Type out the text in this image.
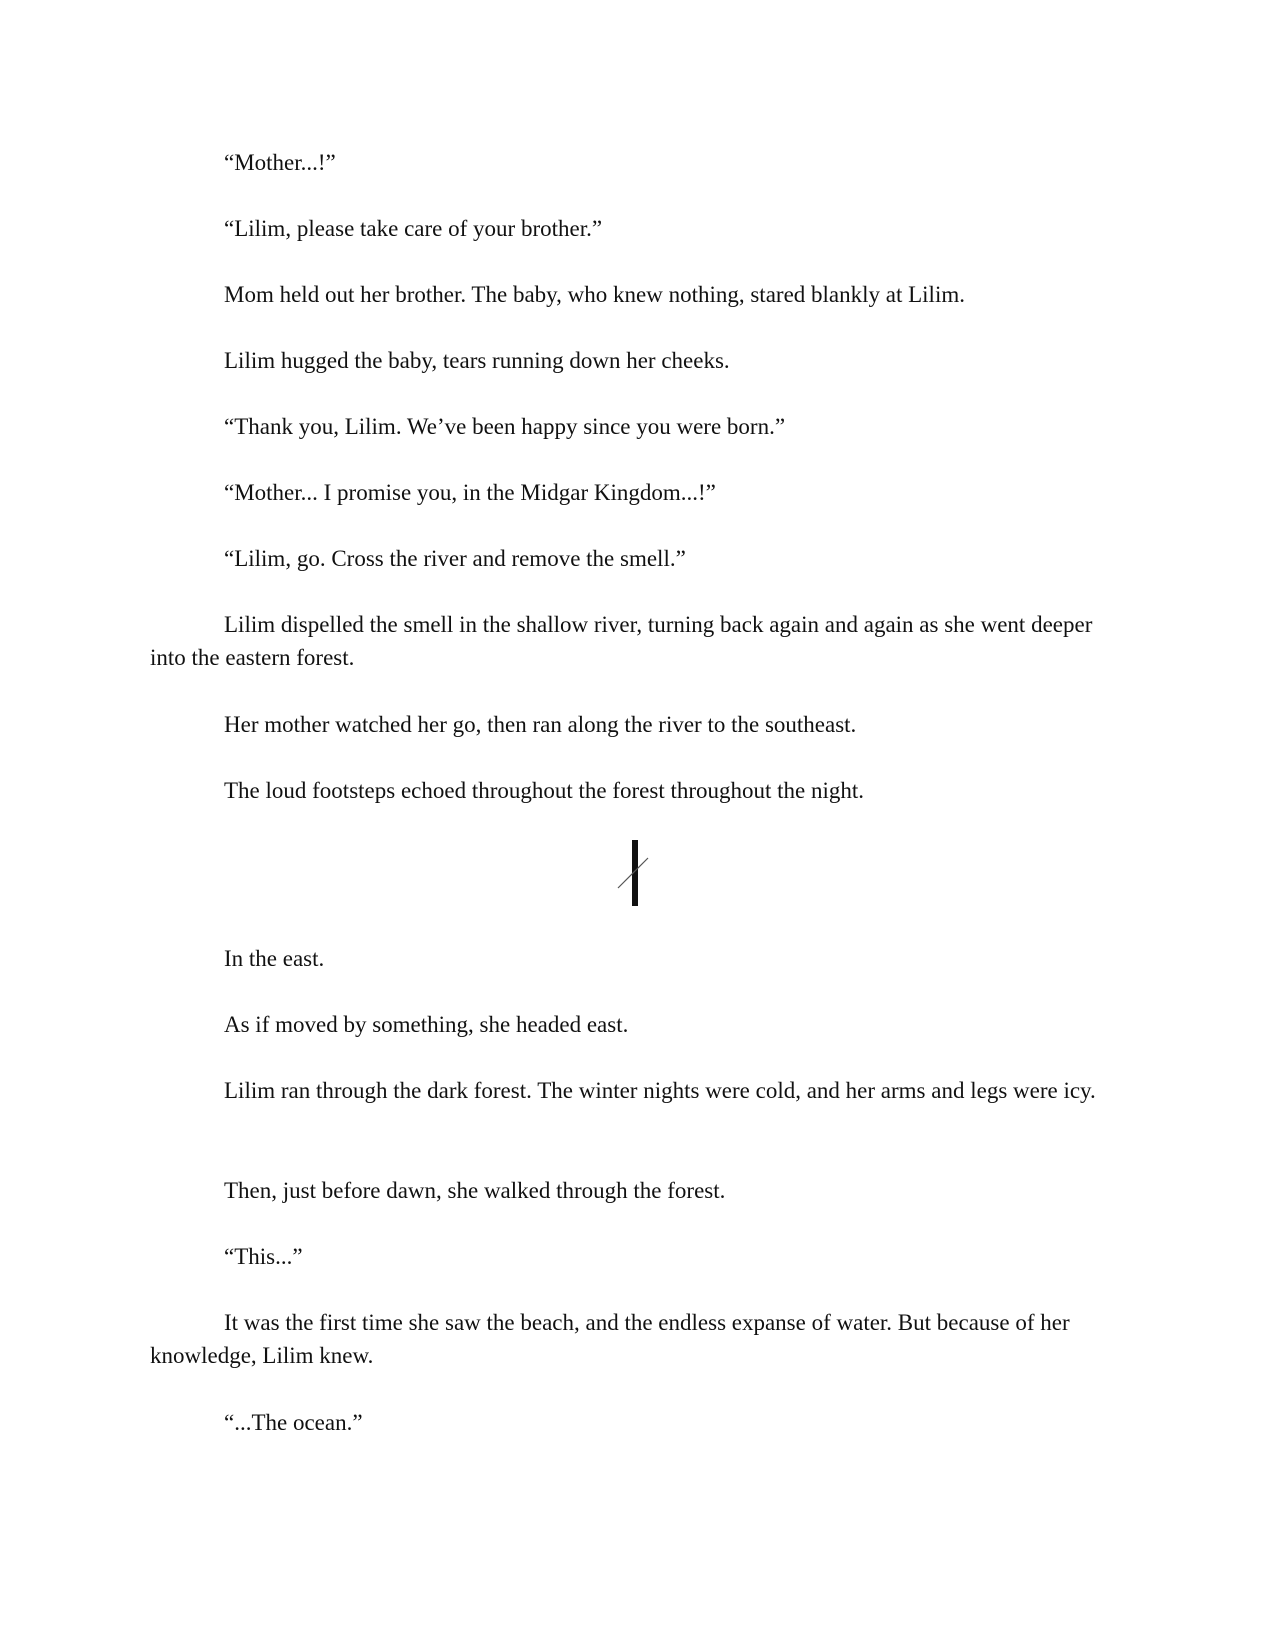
“Mother...!”

“Lilim, please take care of your brother.”

Mom held out her brother. The baby, who knew nothing, stared blankly at Lilim.

Lilim hugged the baby, tears running down her cheeks.

“Thank you, Lilim. We’ve been happy since you were born.”

“Mother... I promise you, in the Midgar Kingdom...!”

“Lilim, go. Cross the river and remove the smell.”

Lilim dispelled the smell in the shallow river, turning back again and again as she went deeper into the eastern forest.

Her mother watched her go, then ran along the river to the southeast.

The loud footsteps echoed throughout the forest throughout the night.

In the east.

As if moved by something, she headed east.

Lilim ran through the dark forest. The winter nights were cold, and her arms and legs were icy.

Then, just before dawn, she walked through the forest.

“This...”

It was the first time she saw the beach, and the endless expanse of water. But because of her knowledge, Lilim knew.

“...The ocean.”
